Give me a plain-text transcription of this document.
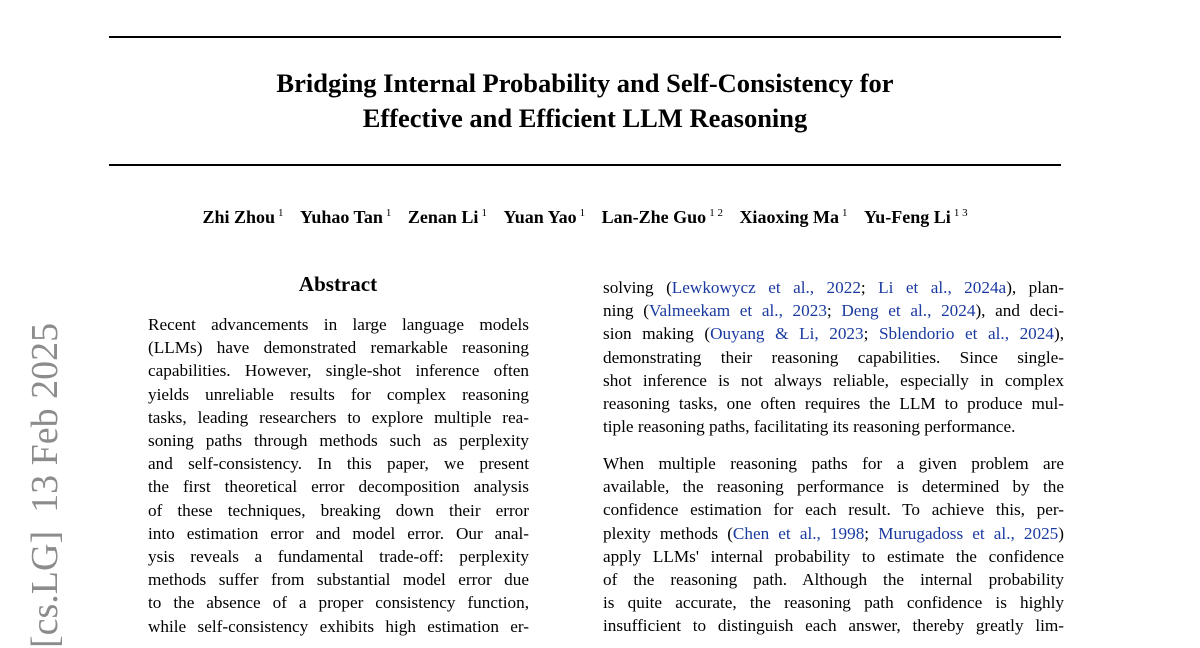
[cs.LG]13 Feb 2025
Bridging Internal Probability and Self-Consistency for
Effective and Efficient LLM Reasoning
Zhi Zhou $^1$ Yuhao Tan $^1$ Zenan Li $^1$ Yuan Yao $^1$ Lan-Zhe Guo $^{1 2}$ Xiaoxing Ma $^1$ Yu-Feng Li $^{1 3}$
Abstract
Recent advancements in large language models
(LLMs) have demonstrated remarkable reasoning
capabilities. However, single-shot inference often
yields unreliable results for complex reasoning
tasks, leading researchers to explore multiple rea-
soning paths through methods such as perplexity
and self-consistency. In this paper, we present
the first theoretical error decomposition analysis
of these techniques, breaking down their error
into estimation error and model error. Our anal-
ysis reveals a fundamental trade-off: perplexity
methods suffer from substantial model error due
to the absence of a proper consistency function,
while self-consistency exhibits high estimation er-
solving (Lewkowycz et al., 2022; Li et al., 2024a), plan-
ning (Valmeekam et al., 2023; Deng et al., 2024), and deci-
sion making (Ouyang & Li, 2023; Sblendorio et al., 2024),
demonstrating their reasoning capabilities. Since single-
shot inference is not always reliable, especially in complex
reasoning tasks, one often requires the LLM to produce mul-
tiple reasoning paths, facilitating its reasoning performance.
When multiple reasoning paths for a given problem are
available, the reasoning performance is determined by the
confidence estimation for each result. To achieve this, per-
plexity methods (Chen et al., 1998; Murugadoss et al., 2025)
apply LLMs' internal probability to estimate the confidence
of the reasoning path. Although the internal probability
is quite accurate, the reasoning path confidence is highly
insufficient to distinguish each answer, thereby greatly lim-
